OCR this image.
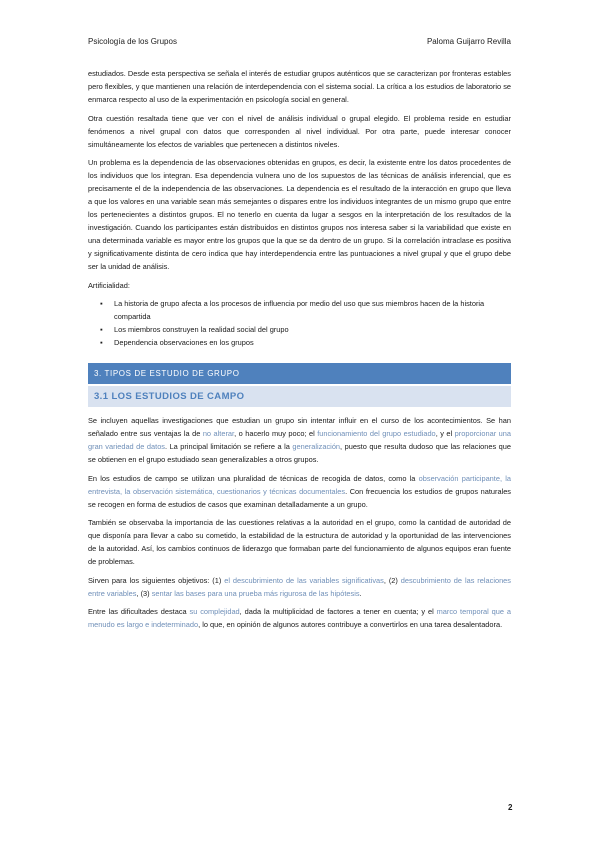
Psicología de los Grupos	Paloma Guijarro Revilla

estudiados. Desde esta perspectiva se señala el interés de estudiar grupos auténticos que se caracterizan por fronteras estables pero flexibles, y que mantienen una relación de interdependencia con el sistema social. La crítica a los estudios de laboratorio se enmarca respecto al uso de la experimentación en psicología social en general.

Otra cuestión resaltada tiene que ver con el nivel de análisis individual o grupal elegido. El problema reside en estudiar fenómenos a nivel grupal con datos que corresponden al nivel individual. Por otra parte, puede interesar conocer simultáneamente los efectos de variables que pertenecen a distintos niveles.

Un problema es la dependencia de las observaciones obtenidas en grupos, es decir, la existente entre los datos procedentes de los individuos que los integran. Esa dependencia vulnera uno de los supuestos de las técnicas de análisis inferencial, que es precisamente el de la independencia de las observaciones. La dependencia es el resultado de la interacción en grupo que lleva a que los valores en una variable sean más semejantes o dispares entre los individuos integrantes de un mismo grupo que entre los pertenecientes a distintos grupos. El no tenerlo en cuenta da lugar a sesgos en la interpretación de los resultados de la investigación. Cuando los participantes están distribuidos en distintos grupos nos interesa saber si la variabilidad que existe en una determinada variable es mayor entre los grupos que la que se da dentro de un grupo. Si la correlación intraclase es positiva y significativamente distinta de cero indica que hay interdependencia entre las puntuaciones a nivel grupal y que el grupo debe ser la unidad de análisis.

Artificialidad:

▪ La historia de grupo afecta a los procesos de influencia por medio del uso que sus miembros hacen de la historia compartida
▪ Los miembros construyen la realidad social del grupo
▪ Dependencia observaciones en los grupos
3. TIPOS DE ESTUDIO DE GRUPO
3.1 LOS ESTUDIOS DE CAMPO

Se incluyen aquellas investigaciones que estudian un grupo sin intentar influir en el curso de los acontecimientos. Se han señalado entre sus ventajas la de no alterar, o hacerlo muy poco; el funcionamiento del grupo estudiado, y el proporcionar una gran variedad de datos. La principal limitación se refiere a la generalización, puesto que resulta dudoso que las relaciones que se obtienen en el grupo estudiado sean generalizables a otros grupos.

En los estudios de campo se utilizan una pluralidad de técnicas de recogida de datos, como la observación participante, la entrevista, la observación sistemática, cuestionarios y técnicas documentales. Con frecuencia los estudios de grupos naturales se recogen en forma de estudios de casos que examinan detalladamente a un grupo.

También se observaba la importancia de las cuestiones relativas a la autoridad en el grupo, como la cantidad de autoridad de que disponía para llevar a cabo su cometido, la estabilidad de la estructura de autoridad y la oportunidad de las intervenciones de la autoridad. Así, los cambios continuos de liderazgo que formaban parte del funcionamiento de algunos equipos eran fuente de problemas.

Sirven para los siguientes objetivos: (1) el descubrimiento de las variables significativas, (2) descubrimiento de las relaciones entre variables, (3) sentar las bases para una prueba más rigurosa de las hipótesis.

Entre las dificultades destaca su complejidad, dada la multiplicidad de factores a tener en cuenta; y el marco temporal que a menudo es largo e indeterminado, lo que, en opinión de algunos autores contribuye a convertirlos en una tarea desalentadora.

2
